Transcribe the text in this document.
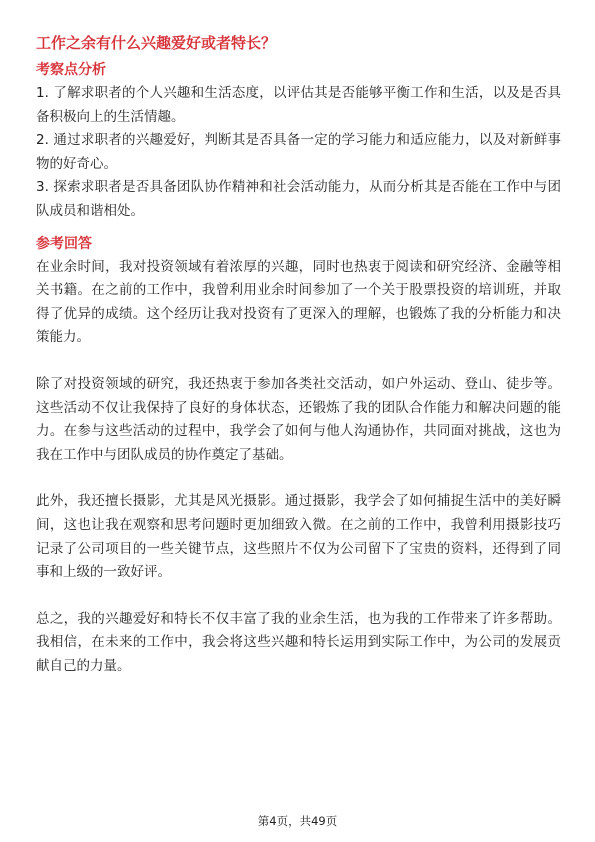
工作之余有什么兴趣爱好或者特长？
考察点分析

1. 了解求职者的个人兴趣和生活态度，以评估其是否能够平衡工作和生活，以及是否具备积极向上的生活情趣。

2. 通过求职者的兴趣爱好，判断其是否具备一定的学习能力和适应能力，以及对新鲜事物的好奇心。

3. 探索求职者是否具备团队协作精神和社会活动能力，从而分析其是否能在工作中与团队成员和谐相处。

参考回答

在业余时间，我对投资领域有着浓厚的兴趣，同时也热衷于阅读和研究经济、金融等相关书籍。在之前的工作中，我曾利用业余时间参加了一个关于股票投资的培训班，并取得了优异的成绩。这个经历让我对投资有了更深入的理解，也锻炼了我的分析能力和决策能力。

除了对投资领域的研究，我还热衷于参加各类社交活动，如户外运动、登山、徒步等。这些活动不仅让我保持了良好的身体状态，还锻炼了我的团队合作能力和解决问题的能力。在参与这些活动的过程中，我学会了如何与他人沟通协作，共同面对挑战，这也为我在工作中与团队成员的协作奠定了基础。

此外，我还擅长摄影，尤其是风光摄影。通过摄影，我学会了如何捕捉生活中的美好瞬间，这也让我在观察和思考问题时更加细致入微。在之前的工作中，我曾利用摄影技巧记录了公司项目的一些关键节点，这些照片不仅为公司留下了宝贵的资料，还得到了同事和上级的一致好评。

总之，我的兴趣爱好和特长不仅丰富了我的业余生活，也为我的工作带来了许多帮助。我相信，在未来的工作中，我会将这些兴趣和特长运用到实际工作中，为公司的发展贡献自己的力量。

第4页，共49页
